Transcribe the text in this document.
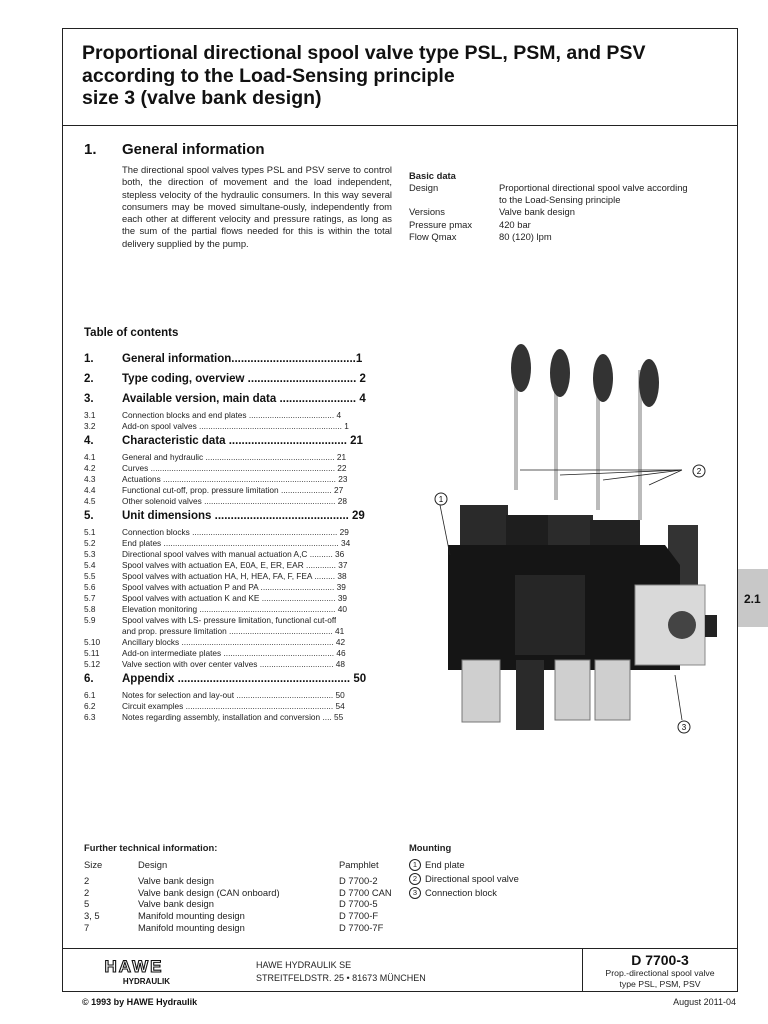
Proportional directional spool valve type PSL, PSM, and PSV
according to the Load-Sensing principle
size 3 (valve bank design)
1. General information

The directional spool valves types PSL and PSV serve to control both, the direction of movement and the load independent, stepless velocity of the hydraulic consumers. In this way several consumers may be moved simultane-ously, independently from each other at different velocity and pressure ratings, as long as the sum of the partial flows needed for this is within the total delivery supplied by the pump.

Basic data
Design	Proportional directional spool valve according
to the Load-Sensing principle
Versions	Valve bank design
Pressure pmax	420 bar
Flow Qmax	80 (120) lpm
Table of contents
1.	General information.......................................1
2.	Type coding, overview .................................. 2
3.	Available version, main data ........................ 4
3.1	Connection blocks and end plates ..................................... 4
3.2	Add-on spool valves .............................................................. 1
4.	Characteristic data ..................................... 21
4.1	General and hydraulic ........................................................ 21
4.2	Curves ................................................................................ 22
4.3	Actuations ........................................................................... 23
4.4	Functional cut-off, prop. pressure limitation ...................... 27
4.5	Other solenoid valves ......................................................... 28
5.	Unit dimensions .......................................... 29
5.1	Connection blocks ............................................................... 29
5.2	End plates ............................................................................ 34
5.3	Directional spool valves with manual actuation A,C .......... 36
5.4	Spool valves with actuation EA, E0A, E, ER, EAR ............. 37
5.5	Spool valves with actuation HA, H, HEA, FA, F, FEA ......... 38
5.6	Spool valves with actuation P and PA ................................ 39
5.7	Spool valves with actuation K and KE ................................ 39
5.8	Elevation monitoring ........................................................... 40
5.9	Spool valves with LS- pressure limitation, functional cut-off
and prop. pressure limitation ............................................. 41
5.10	Ancillary blocks .................................................................. 42
5.11	Add-on intermediate plates ................................................ 46
5.12	Valve section with over center valves ................................ 48
6.	Appendix ...................................................... 50
6.1	Notes for selection and lay-out .......................................... 50
6.2	Circuit examples ................................................................ 54
6.3	Notes regarding assembly, installation and conversion .... 55
1
2
3
2.1
Further technical information:
Size	Design	Pamphlet
2	Valve bank design	D 7700-2
2	Valve bank design (CAN onboard)	D 7700 CAN
5	Valve bank design	D 7700-5
3, 5	Manifold mounting design	D 7700-F
7	Manifold mounting design	D 7700-7F
Mounting
1 End plate
2 Directional spool valve
3 Connection block
HAWE
HYDRAULIK
HAWE HYDRAULIK SE
STREITFELDSTR. 25 • 81673 MÜNCHEN
D 7700-3
Prop.-directional spool valve
type PSL, PSM, PSV
© 1993 by HAWE Hydraulik	August 2011-04
